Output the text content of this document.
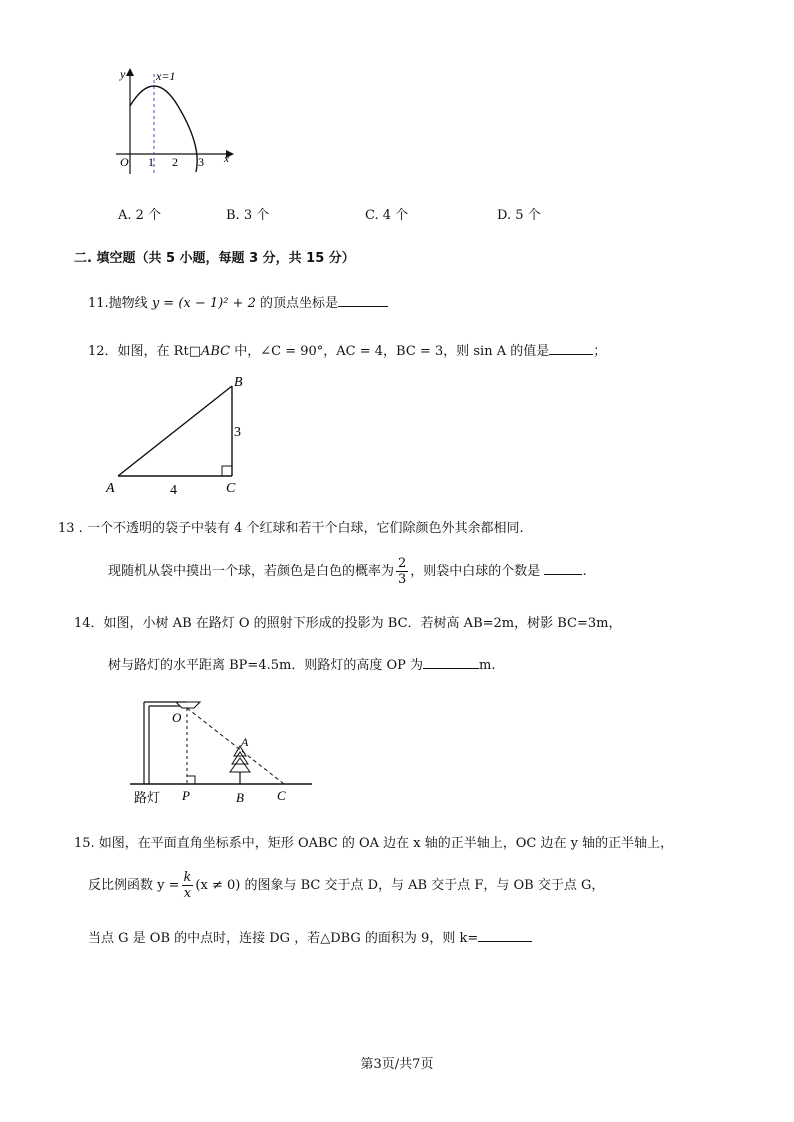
y	x=1
O 1 2 3 x
A. 2 个	B. 3 个	C. 4 个	D. 5 个
二. 填空题（共 5 小题，每题 3 分，共 15 分）
11.抛物线 y = (x − 1)² + 2 的顶点坐标是
12．如图，在 Rt□ABC 中，∠C = 90°，AC = 4，BC = 3，则 sin A 的值是	；
B
A	C
3
4
13 . 一个不透明的袋子中装有 4 个红球和若干个白球，它们除颜色外其余都相同.
现随机从袋中摸出一个球，若颜色是白色的概率为 $\frac{2}{3}$ ，则袋中白球的个数是	.
14．如图，小树 AB 在路灯 O 的照射下形成的投影为 BC．若树高 AB=2m，树影 BC=3m，
树与路灯的水平距离 BP=4.5m．则路灯的高度 OP 为	m.
O
A
P	B	C
路灯
15. 如图，在平面直角坐标系中，矩形 OABC 的 OA 边在 x 轴的正半轴上，OC 边在 y 轴的正半轴上，
反比例函数 $y = \frac{k}{x} (x \ne 0)$ 的图象与 BC 交于点 D，与 AB 交于点 F，与 OB 交于点 G，
当点 G 是 OB 的中点时，连接 DG ，若△DBG 的面积为 9，则 k=
第3页/共7页
